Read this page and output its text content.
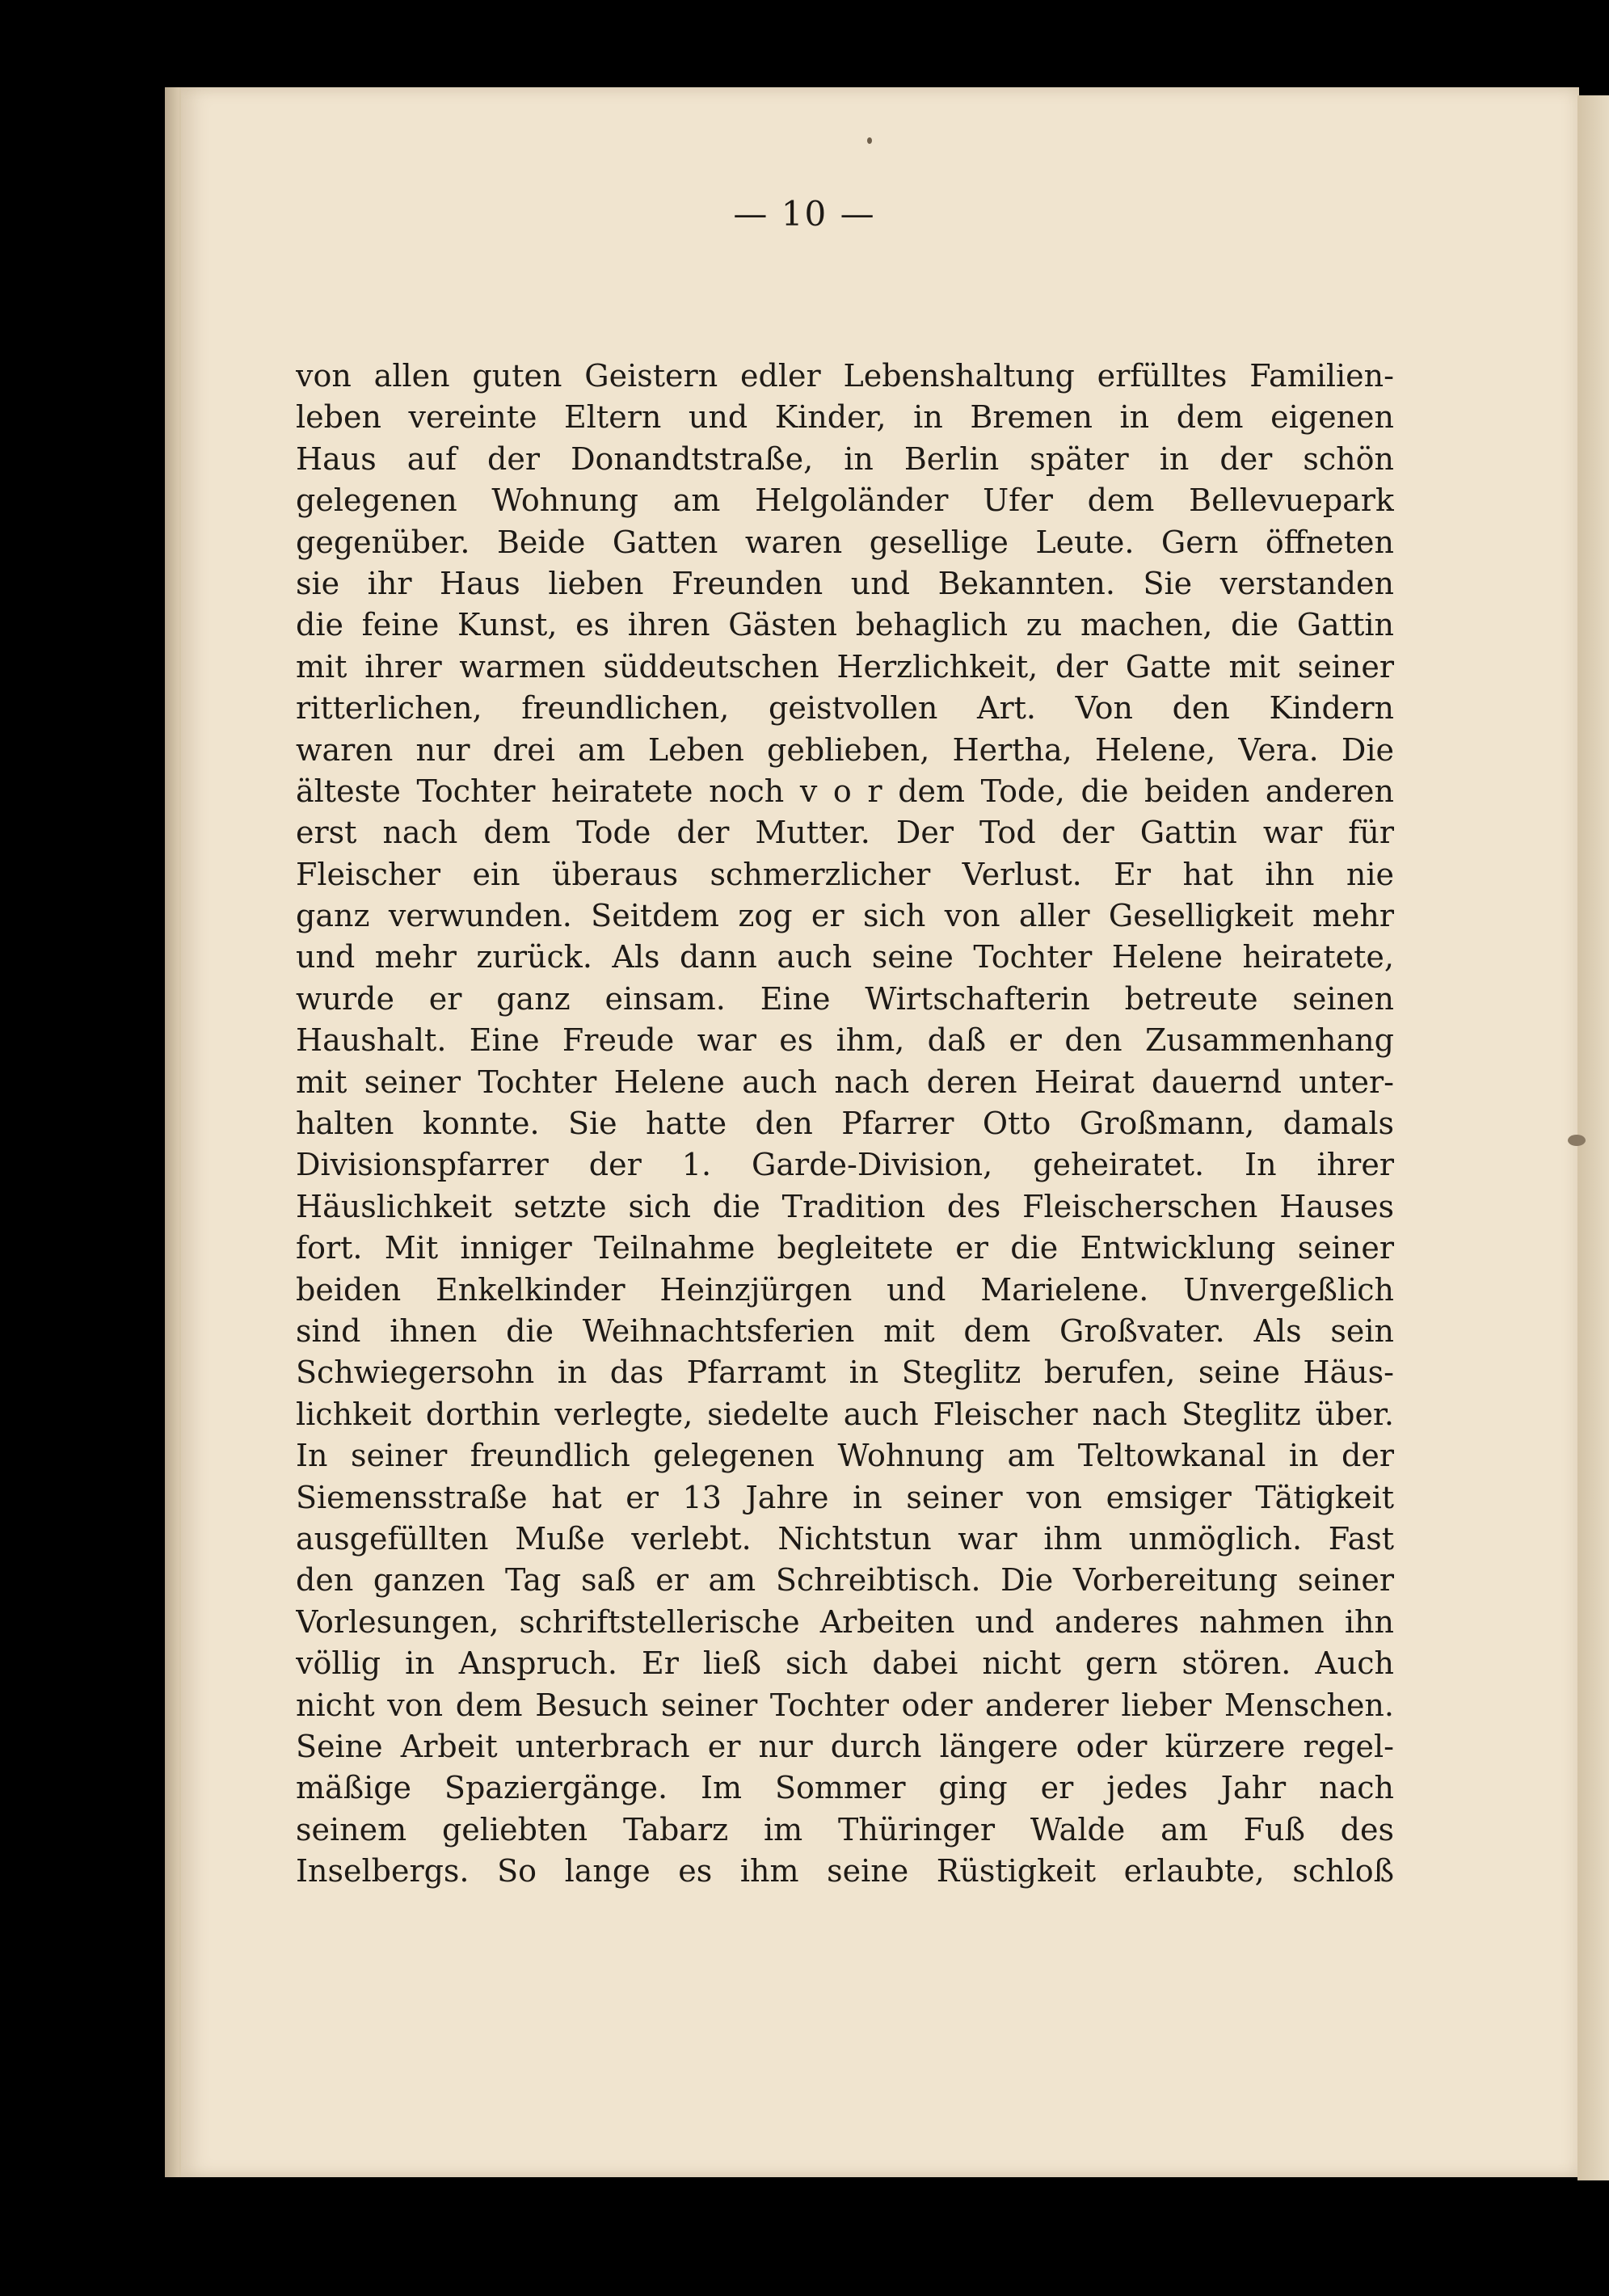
— 10 —
von allen guten Geistern edler Lebenshaltung erfülltes Familien-
leben vereinte Eltern und Kinder, in Bremen in dem eigenen
Haus auf der Donandtstraße, in Berlin später in der schön
gelegenen Wohnung am Helgoländer Ufer dem Bellevuepark
gegenüber. Beide Gatten waren gesellige Leute. Gern öffneten
sie ihr Haus lieben Freunden und Bekannten. Sie verstanden
die feine Kunst, es ihren Gästen behaglich zu machen, die Gattin
mit ihrer warmen süddeutschen Herzlichkeit, der Gatte mit seiner
ritterlichen, freundlichen, geistvollen Art. Von den Kindern
waren nur drei am Leben geblieben, Hertha, Helene, Vera. Die
älteste Tochter heiratete noch v o r dem Tode, die beiden anderen
erst nach dem Tode der Mutter. Der Tod der Gattin war für
Fleischer ein überaus schmerzlicher Verlust. Er hat ihn nie
ganz verwunden. Seitdem zog er sich von aller Geselligkeit mehr
und mehr zurück. Als dann auch seine Tochter Helene heiratete,
wurde er ganz einsam. Eine Wirtschafterin betreute seinen
Haushalt. Eine Freude war es ihm, daß er den Zusammenhang
mit seiner Tochter Helene auch nach deren Heirat dauernd unter-
halten konnte. Sie hatte den Pfarrer Otto Großmann, damals
Divisionspfarrer der 1. Garde-Division, geheiratet. In ihrer
Häuslichkeit setzte sich die Tradition des Fleischerschen Hauses
fort. Mit inniger Teilnahme begleitete er die Entwicklung seiner
beiden Enkelkinder Heinzjürgen und Marielene. Unvergeßlich
sind ihnen die Weihnachtsferien mit dem Großvater. Als sein
Schwiegersohn in das Pfarramt in Steglitz berufen, seine Häus-
lichkeit dorthin verlegte, siedelte auch Fleischer nach Steglitz über.
In seiner freundlich gelegenen Wohnung am Teltowkanal in der
Siemensstraße hat er 13 Jahre in seiner von emsiger Tätigkeit
ausgefüllten Muße verlebt. Nichtstun war ihm unmöglich. Fast
den ganzen Tag saß er am Schreibtisch. Die Vorbereitung seiner
Vorlesungen, schriftstellerische Arbeiten und anderes nahmen ihn
völlig in Anspruch. Er ließ sich dabei nicht gern stören. Auch
nicht von dem Besuch seiner Tochter oder anderer lieber Menschen.
Seine Arbeit unterbrach er nur durch längere oder kürzere regel-
mäßige Spaziergänge. Im Sommer ging er jedes Jahr nach
seinem geliebten Tabarz im Thüringer Walde am Fuß des
Inselbergs. So lange es ihm seine Rüstigkeit erlaubte, schloß
